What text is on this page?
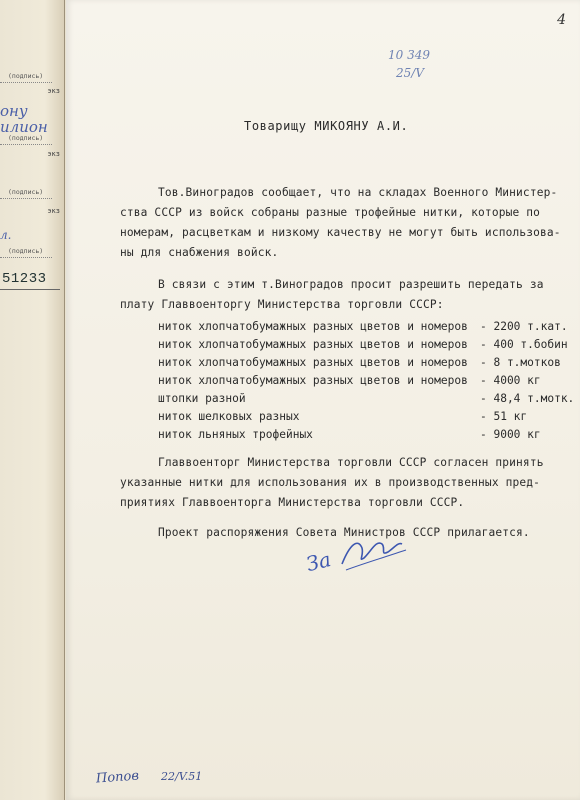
(подпись)
экз
ону
илион
(подпись)
экз
(подпись)
экз
л.
(подпись)
51233
4
10 349
25/V
Товарищу МИКОЯНУ А.И.
Тов.Виноградов сообщает, что на складах Военного Министер-
ства СССР из войск собраны разные трофейные нитки, которые по
номерам, расцветкам и низкому качеству не могут быть использова-
ны для снабжения войск.
В связи с этим т.Виноградов просит разрешить передать за
плату Главвоенторгу Министерства торговли СССР:
ниток хлопчатобумажных разных цветов и номеров - 2200 т.кат.
ниток хлопчатобумажных разных цветов и номеров - 400 т.бобин
ниток хлопчатобумажных разных цветов и номеров - 8 т.мотков
ниток хлопчатобумажных разных цветов и номеров - 4000 кг
штопки разной	- 48,4 т.мотк.
ниток шелковых разных	- 51 кг
ниток льняных трофейных	- 9000 кг
Главвоенторг Министерства торговли СССР согласен принять
указанные нитки для использования их в производственных пред-
приятиях Главвоенторга Министерства торговли СССР.
Проект распоряжения Совета Министров СССР прилагается.
За
Попов 22/V.51
